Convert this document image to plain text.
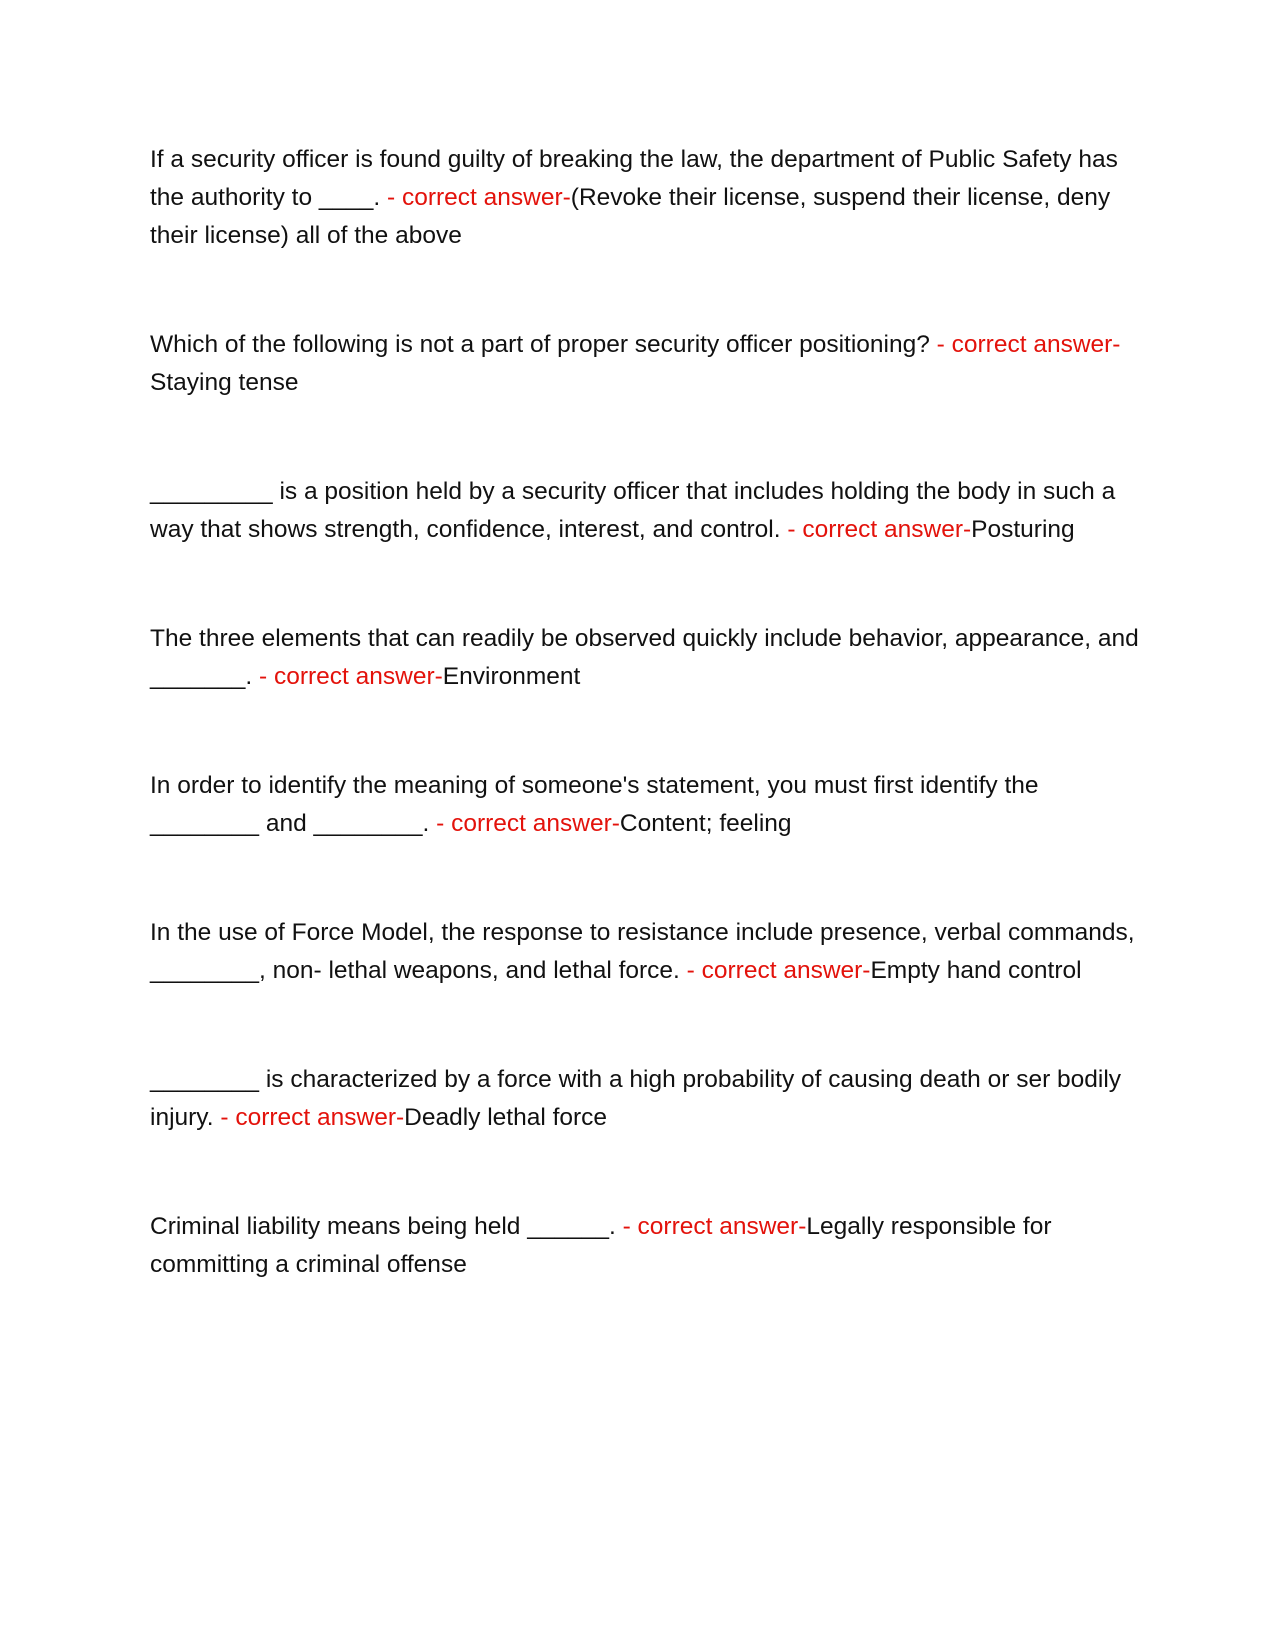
If a security officer is found guilty of breaking the law, the department of Public Safety has the authority to ____. - correct answer-(Revoke their license, suspend their license, deny their license) all of the above

Which of the following is not a part of proper security officer positioning? - correct answer-Staying tense

_________ is a position held by a security officer that includes holding the body in such a way that shows strength, confidence, interest, and control. - correct answer-Posturing

The three elements that can readily be observed quickly include behavior, appearance, and _______. - correct answer-Environment

In order to identify the meaning of someone's statement, you must first identify the ________ and ________. - correct answer-Content; feeling

In the use of Force Model, the response to resistance include presence, verbal commands, ________, non- lethal weapons, and lethal force. - correct answer-Empty hand control

________ is characterized by a force with a high probability of causing death or ser bodily injury. - correct answer-Deadly lethal force

Criminal liability means being held ______. - correct answer-Legally responsible for committing a criminal offense
